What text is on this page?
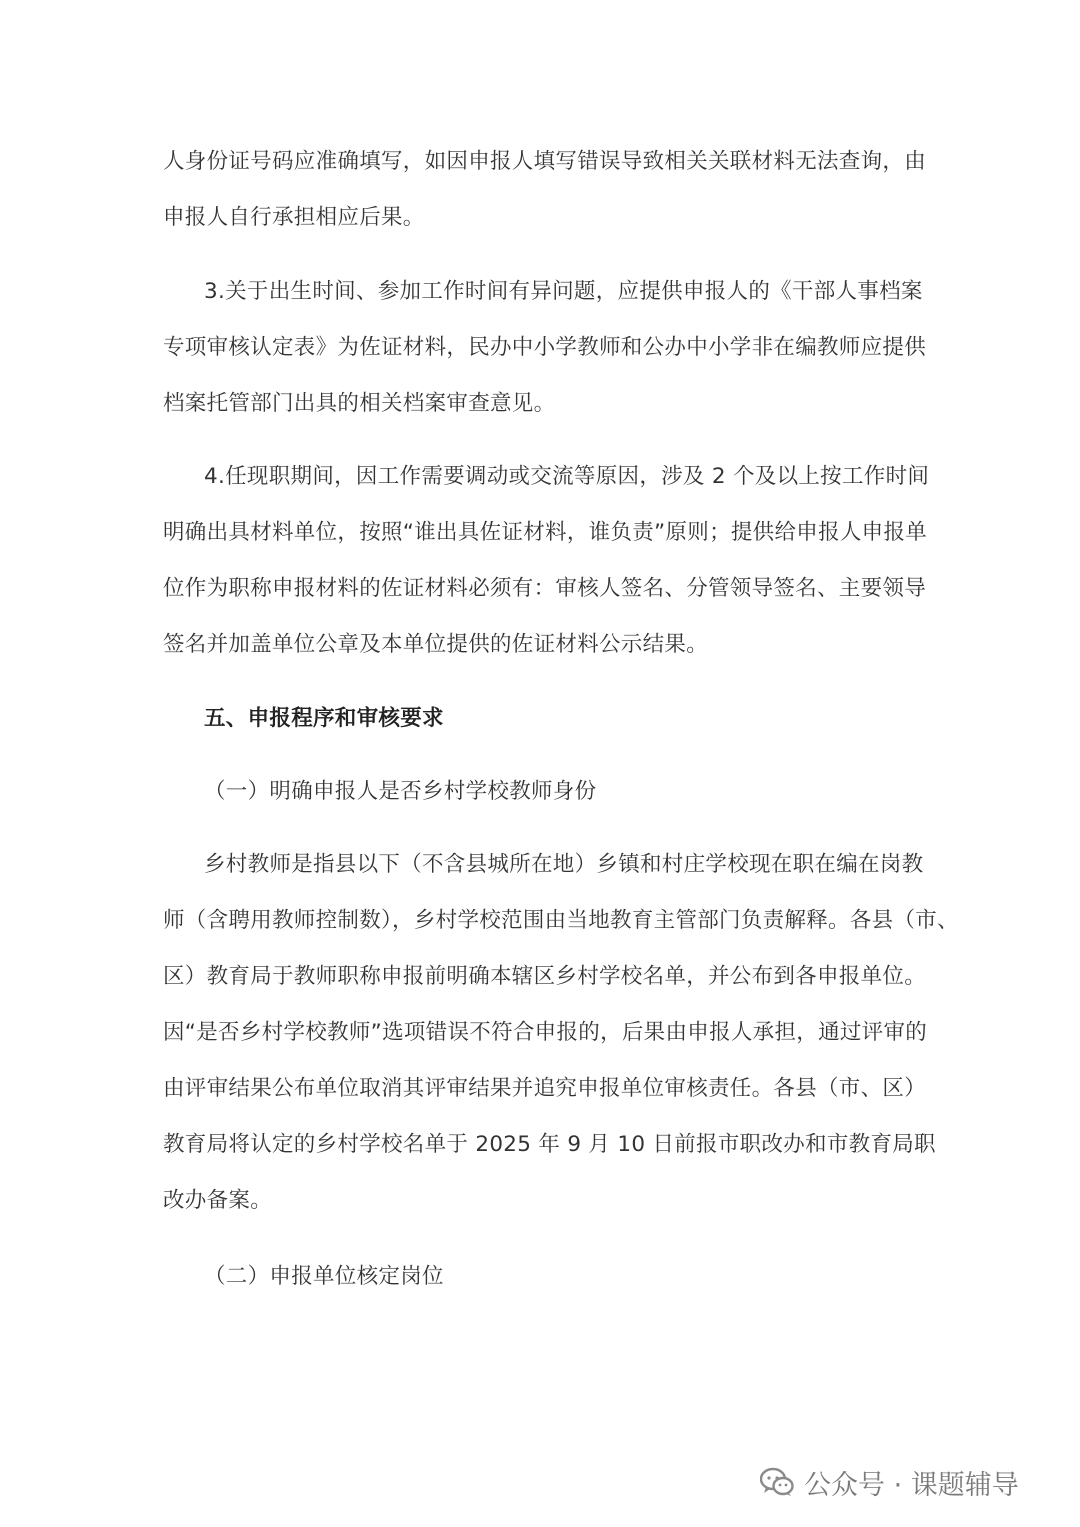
人身份证号码应准确填写，如因申报人填写错误导致相关关联材料无法查询，由
申报人自行承担相应后果。
3.关于出生时间、参加工作时间有异问题，应提供申报人的《干部人事档案
专项审核认定表》为佐证材料，民办中小学教师和公办中小学非在编教师应提供
档案托管部门出具的相关档案审查意见。
4.任现职期间，因工作需要调动或交流等原因，涉及 2 个及以上按工作时间
明确出具材料单位，按照“谁出具佐证材料，谁负责”原则；提供给申报人申报单
位作为职称申报材料的佐证材料必须有：审核人签名、分管领导签名、主要领导
签名并加盖单位公章及本单位提供的佐证材料公示结果。
五、申报程序和审核要求
（一）明确申报人是否乡村学校教师身份
乡村教师是指县以下（不含县城所在地）乡镇和村庄学校现在职在编在岗教
师（含聘用教师控制数），乡村学校范围由当地教育主管部门负责解释。各县（市、
区）教育局于教师职称申报前明确本辖区乡村学校名单，并公布到各申报单位。
因“是否乡村学校教师”选项错误不符合申报的，后果由申报人承担，通过评审的
由评审结果公布单位取消其评审结果并追究申报单位审核责任。各县（市、区）
教育局将认定的乡村学校名单于 2025 年 9 月 10 日前报市职改办和市教育局职
改办备案。
（二）申报单位核定岗位
公众号 · 课题辅导
